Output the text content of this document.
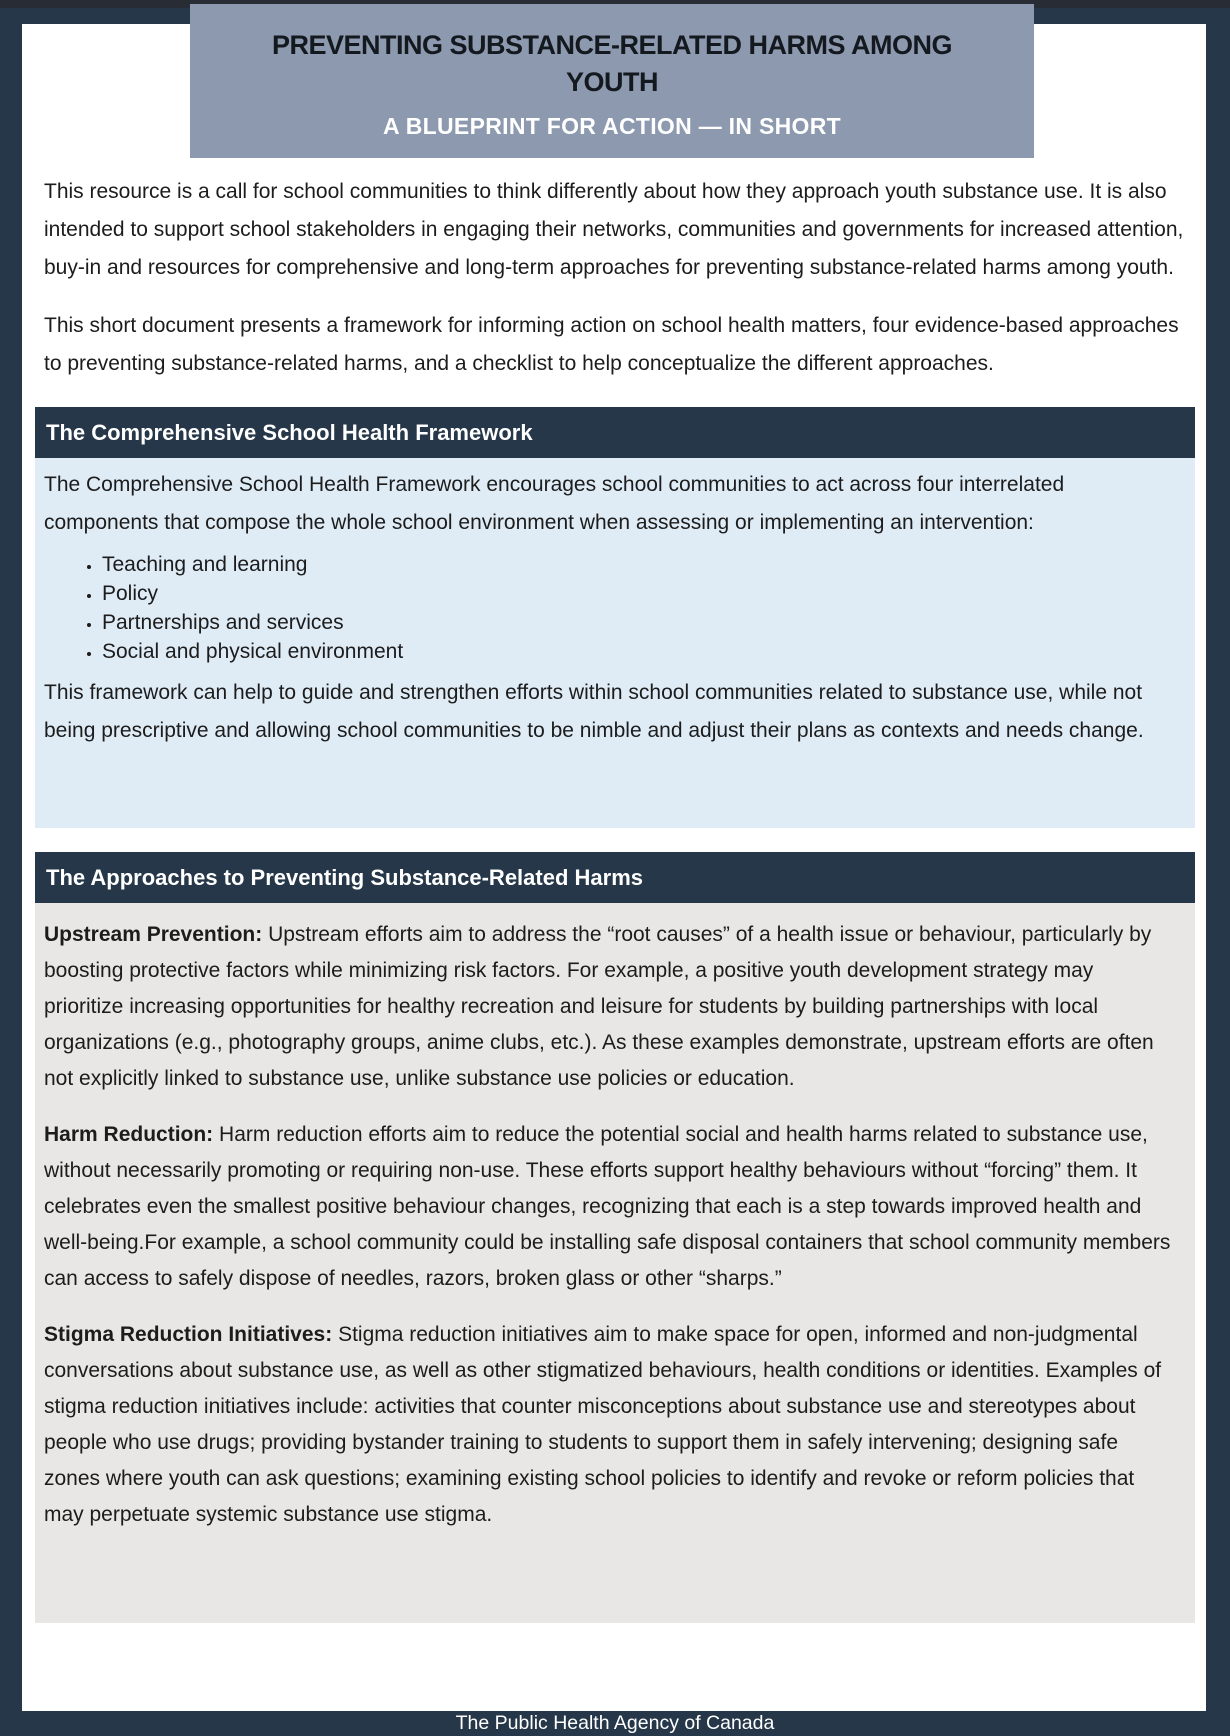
This resource is a call for school communities to think differently about how they approach youth substance use. It is also intended to support school stakeholders in engaging their networks, communities and governments for increased attention, buy-in and resources for comprehensive and long-term approaches for preventing substance-related harms among youth.

This short document presents a framework for informing action on school health matters, four evidence-based approaches to preventing substance-related harms, and a checklist to help conceptualize the different approaches.

The Comprehensive School Health Framework

The Comprehensive School Health Framework encourages school communities to act across four interrelated components that compose the whole school environment when assessing or implementing an intervention:

• Teaching and learning
• Policy
• Partnerships and services
• Social and physical environment

This framework can help to guide and strengthen efforts within school communities related to substance use, while not being prescriptive and allowing school communities to be nimble and adjust their plans as contexts and needs change.

The Approaches to Preventing Substance-Related Harms

Upstream Prevention: Upstream efforts aim to address the “root causes” of a health issue or behaviour, particularly by boosting protective factors while minimizing risk factors. For example, a positive youth development strategy may prioritize increasing opportunities for healthy recreation and leisure for students by building partnerships with local organizations (e.g., photography groups, anime clubs, etc.). As these examples demonstrate, upstream efforts are often not explicitly linked to substance use, unlike substance use policies or education.

Harm Reduction: Harm reduction efforts aim to reduce the potential social and health harms related to substance use, without necessarily promoting or requiring non-use. These efforts support healthy behaviours without “forcing” them. It celebrates even the smallest positive behaviour changes, recognizing that each is a step towards improved health and well-being.For example, a school community could be installing safe disposal containers that school community members can access to safely dispose of needles, razors, broken glass or other “sharps.”

Stigma Reduction Initiatives: Stigma reduction initiatives aim to make space for open, informed and non-judgmental conversations about substance use, as well as other stigmatized behaviours, health conditions or identities. Examples of stigma reduction initiatives include: activities that counter misconceptions about substance use and stereotypes about people who use drugs; providing bystander training to students to support them in safely intervening; designing safe zones where youth can ask questions; examining existing school policies to identify and revoke or reform policies that may perpetuate systemic substance use stigma.

PREVENTING SUBSTANCE-RELATED HARMS AMONG YOUTH
A BLUEPRINT FOR ACTION — IN SHORT
The Public Health Agency of Canada
